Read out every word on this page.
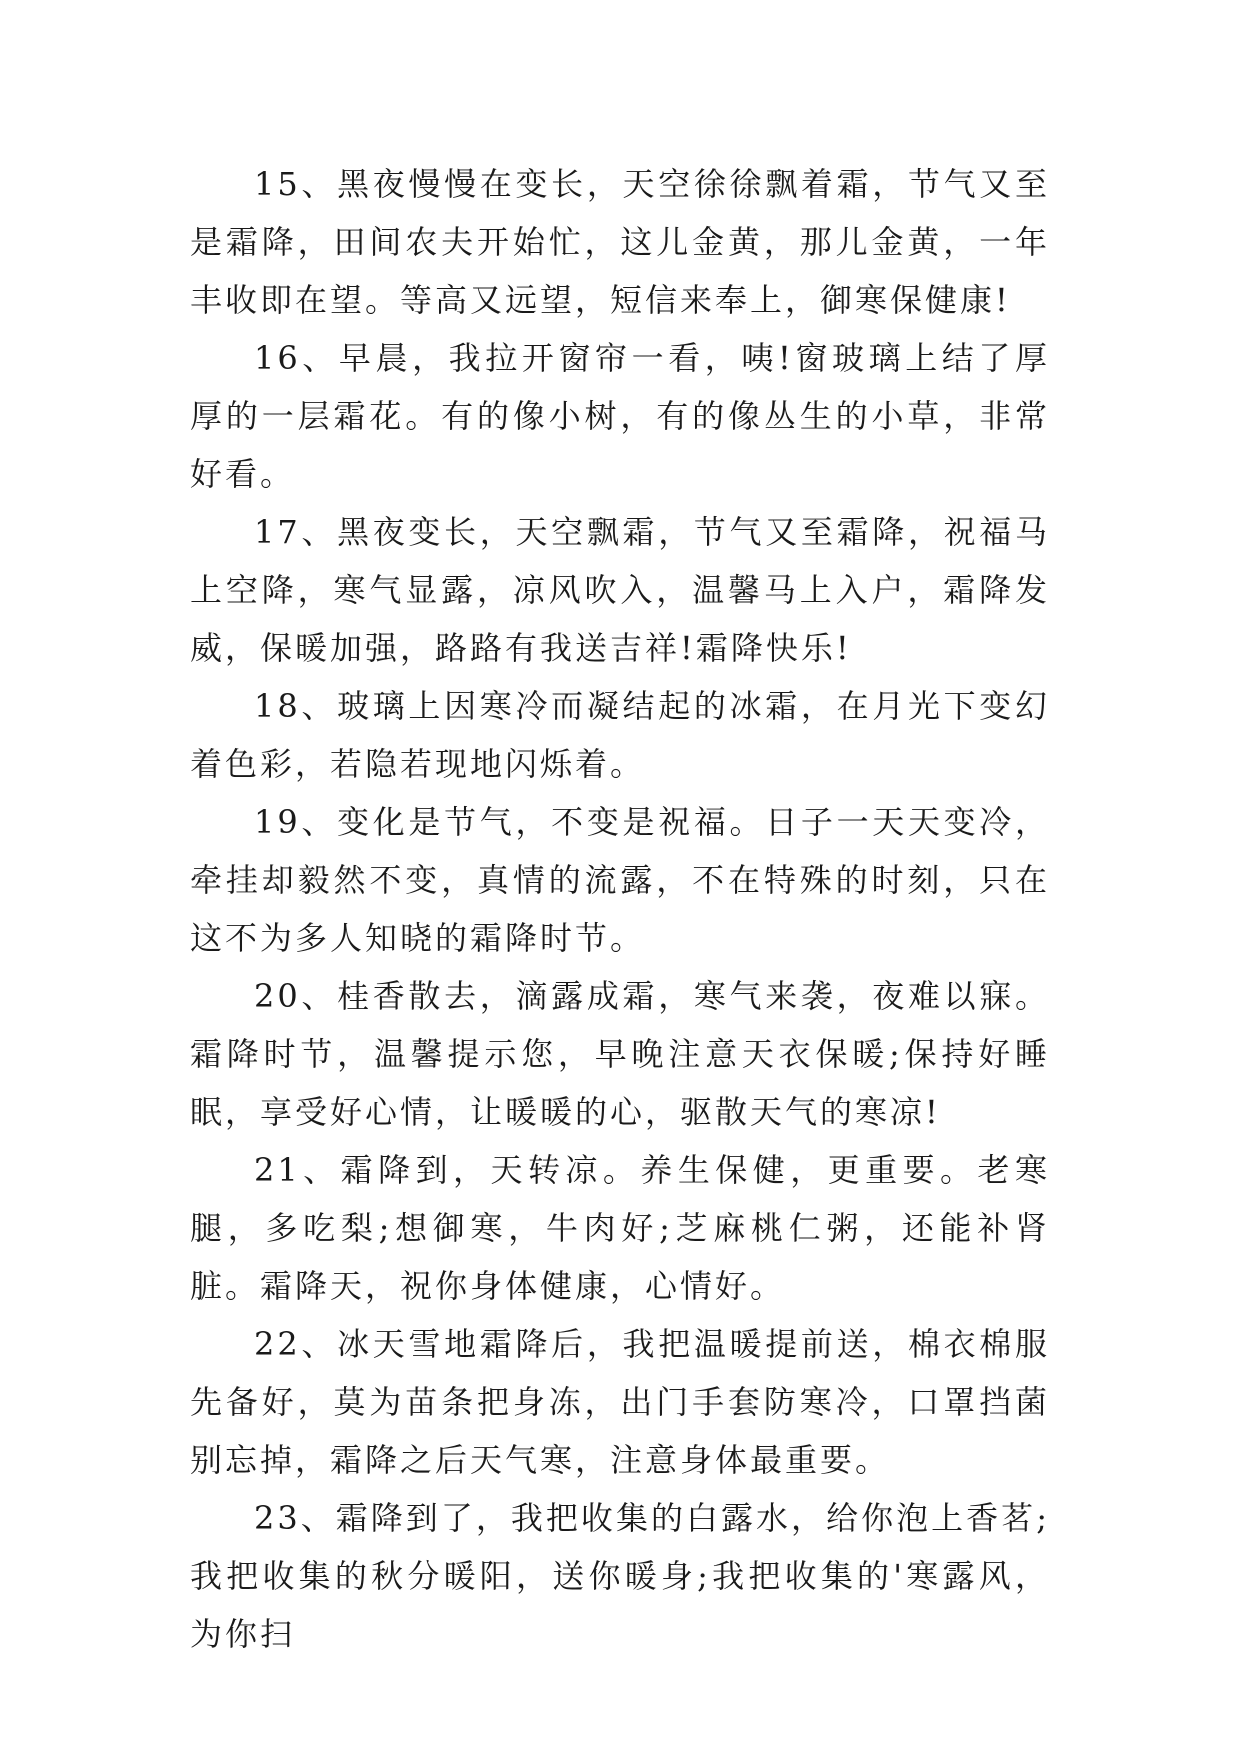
15、黑夜慢慢在变长，天空徐徐飘着霜，节气又至是霜降，田间农夫开始忙，这儿金黄，那儿金黄，一年丰收即在望。等高又远望，短信来奉上，御寒保健康!

16、早晨，我拉开窗帘一看，咦!窗玻璃上结了厚厚的一层霜花。有的像小树，有的像丛生的小草，非常好看。

17、黑夜变长，天空飘霜，节气又至霜降，祝福马上空降，寒气显露，凉风吹入，温馨马上入户，霜降发威，保暖加强，路路有我送吉祥!霜降快乐!

18、玻璃上因寒冷而凝结起的冰霜，在月光下变幻着色彩，若隐若现地闪烁着。

19、变化是节气，不变是祝福。日子一天天变冷，牵挂却毅然不变，真情的流露，不在特殊的时刻，只在这不为多人知晓的霜降时节。

20、桂香散去，滴露成霜，寒气来袭，夜难以寐。霜降时节，温馨提示您，早晚注意天衣保暖;保持好睡眠，享受好心情，让暖暖的心，驱散天气的寒凉!

21、霜降到，天转凉。养生保健，更重要。老寒腿，多吃梨;想御寒，牛肉好;芝麻桃仁粥，还能补肾脏。霜降天，祝你身体健康，心情好。

22、冰天雪地霜降后，我把温暖提前送，棉衣棉服先备好，莫为苗条把身冻，出门手套防寒冷，口罩挡菌别忘掉，霜降之后天气寒，注意身体最重要。

23、霜降到了，我把收集的白露水，给你泡上香茗;我把收集的秋分暖阳，送你暖身;我把收集的'寒露风，为你扫
